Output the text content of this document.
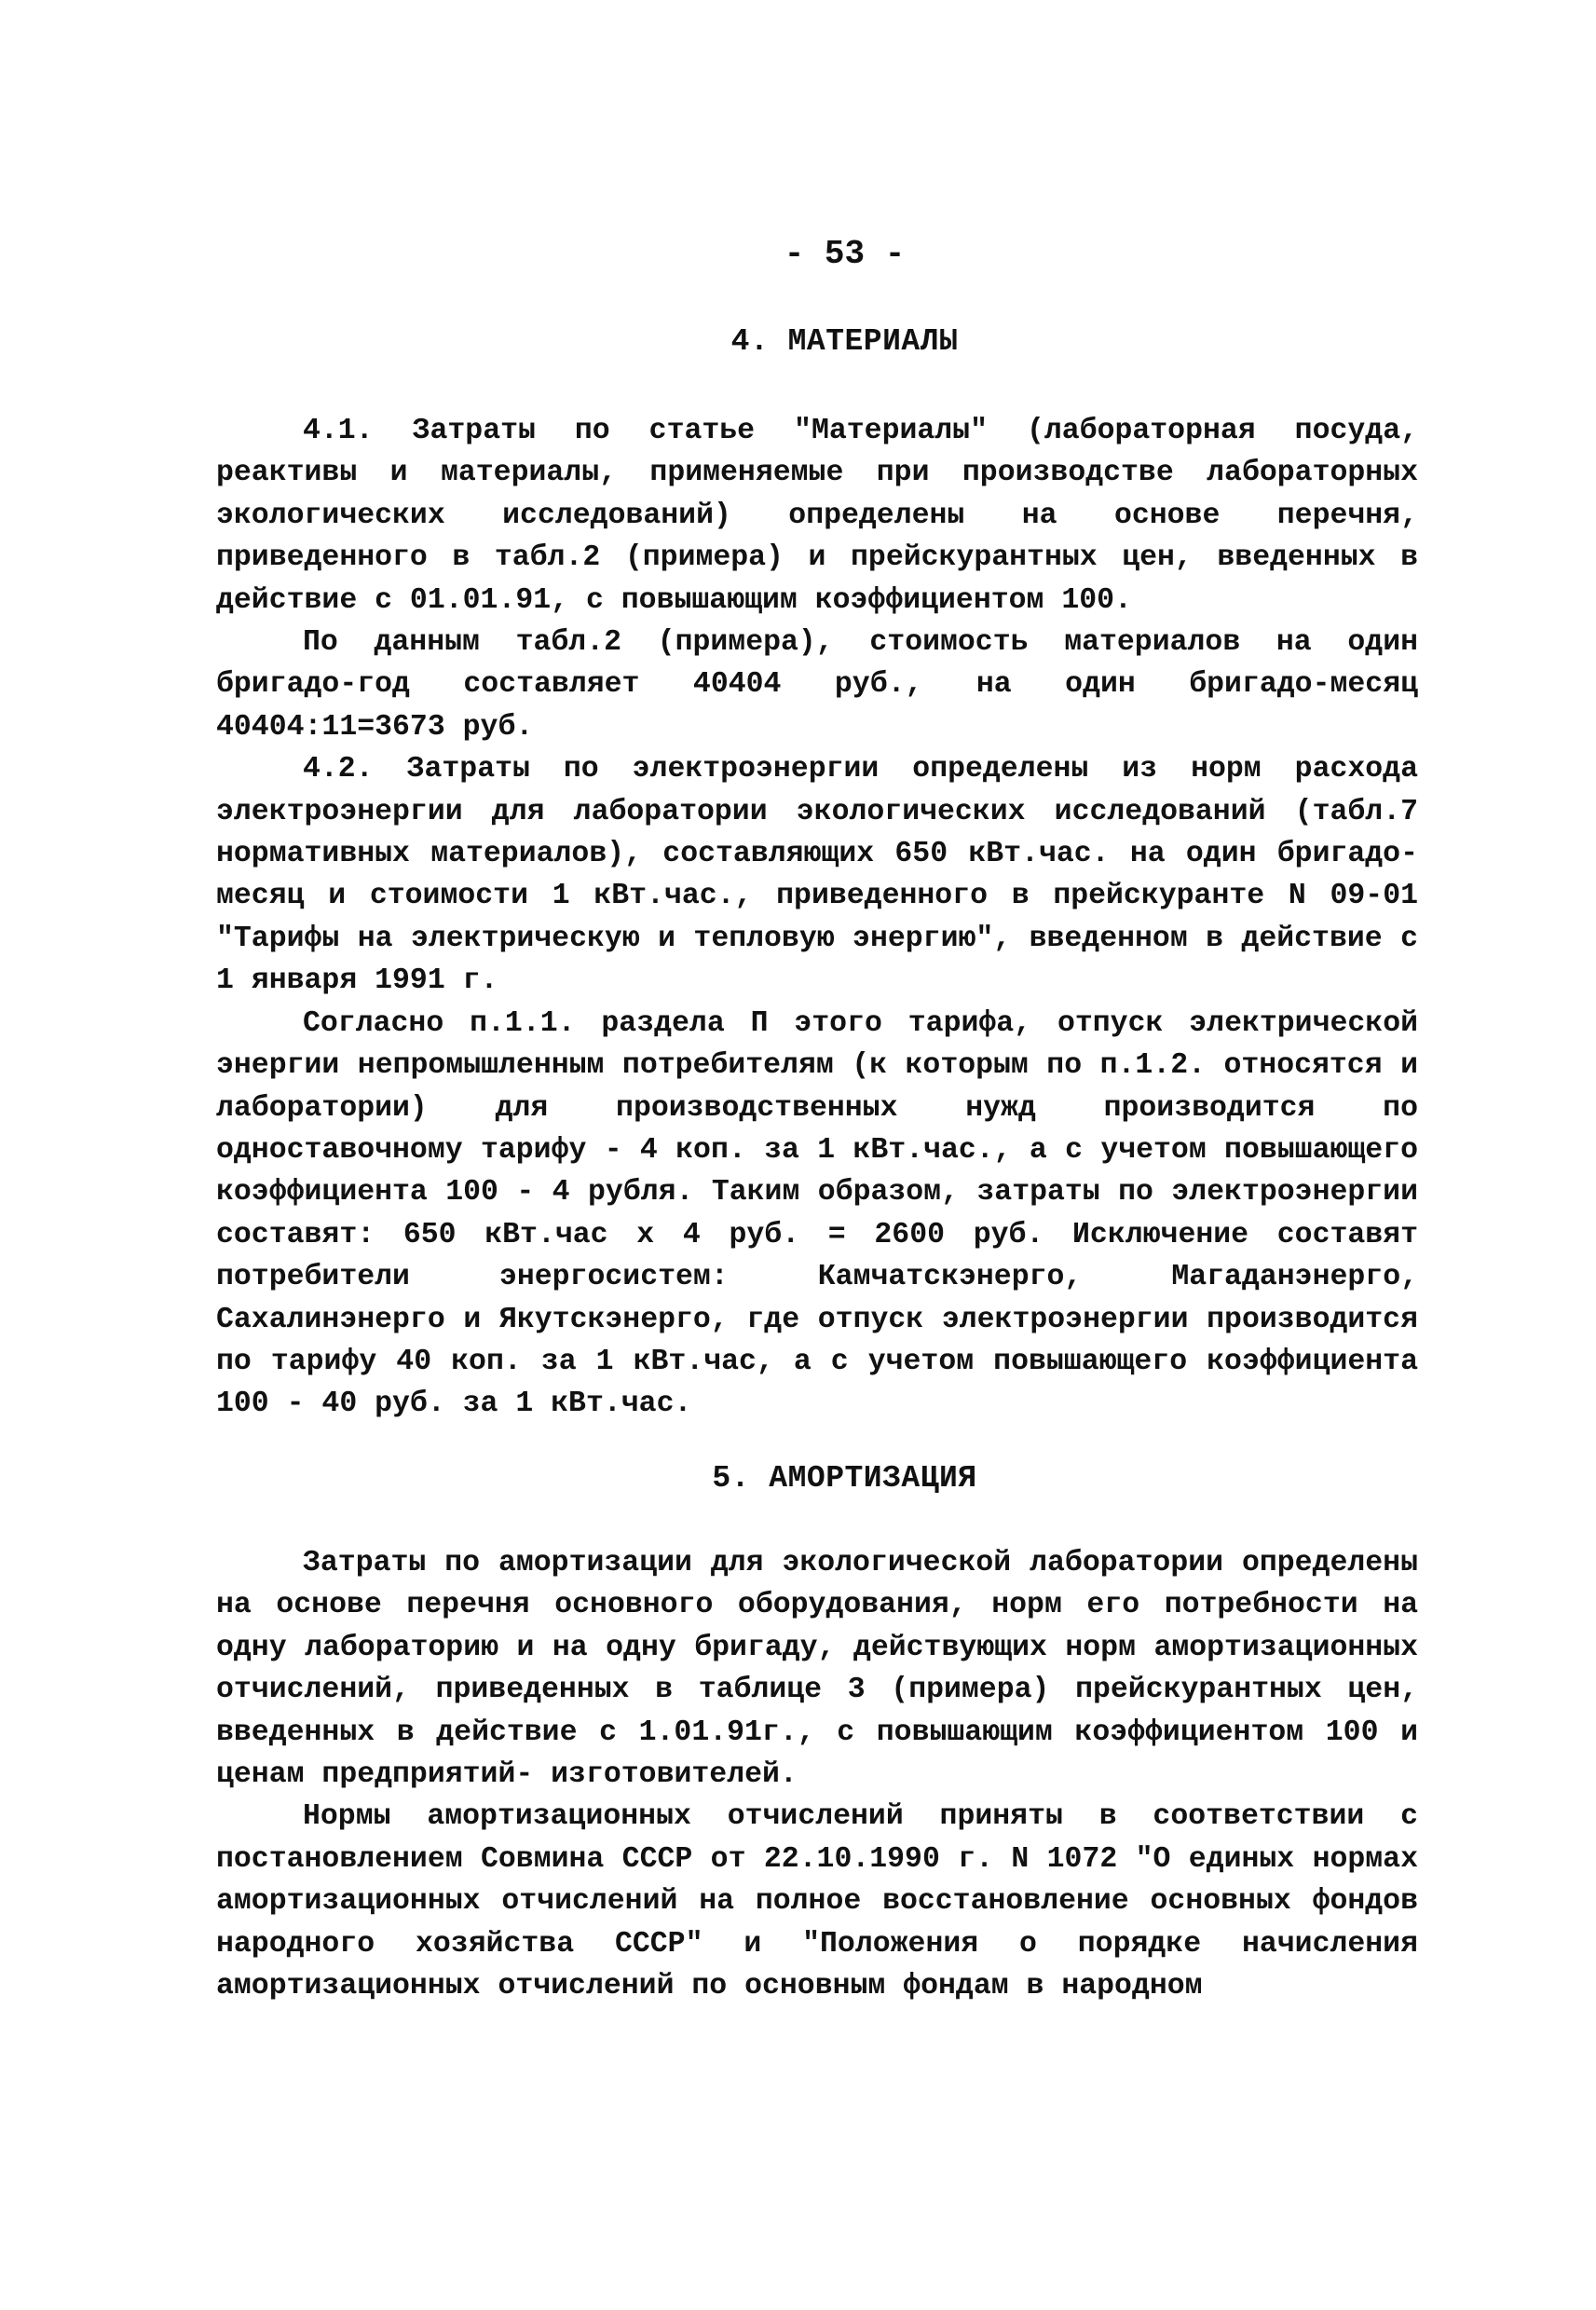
- 53 -
4. МАТЕРИАЛЫ

4.1. Затраты по статье "Материалы" (лабораторная посуда, реактивы и материалы, применяемые при производстве лабораторных экологических исследований) определены на основе перечня, приведенного в табл.2 (примера) и прейскурантных цен, введенных в действие с 01.01.91, с повышающим коэффициентом 100.

По данным табл.2 (примера), стоимость материалов на один бригадо-год составляет 40404 руб., на один бригадо-месяц 40404:11=3673 руб.

4.2. Затраты по электроэнергии определены из норм расхода электроэнергии для лаборатории экологических исследований (табл.7 нормативных материалов), составляющих 650 кВт.час. на один бригадо-месяц и стоимости 1 кВт.час., приведенного в прейскуранте N 09-01 "Тарифы на электрическую и тепловую энергию", введенном в действие с 1 января 1991 г.

Согласно п.1.1. раздела П этого тарифа, отпуск электрической энергии непромышленным потребителям (к которым по п.1.2. относятся и лаборатории) для производственных нужд производится по одноставочному тарифу - 4 коп. за 1 кВт.час., а с учетом повышающего коэффициента 100 - 4 рубля. Таким образом, затраты по электроэнергии составят: 650 кВт.час х 4 руб. = 2600 руб. Исключение составят потребители энергосистем: Камчатскэнерго, Магаданэнерго, Сахалинэнерго и Якутскэнерго, где отпуск электроэнергии производится по тарифу 40 коп. за 1 кВт.час, а с учетом повышающего коэффициента 100 - 40 руб. за 1 кВт.час.

5. АМОРТИЗАЦИЯ

Затраты по амортизации для экологической лаборатории определены на основе перечня основного оборудования, норм его потребности на одну лабораторию и на одну бригаду, действующих норм амортизационных отчислений, приведенных в таблице 3 (примера) прейскурантных цен, введенных в действие с 1.01.91г., с повышающим коэффициентом 100 и ценам предприятий- изготовителей.

Нормы амортизационных отчислений приняты в соответствии с постановлением Совмина СССР от 22.10.1990 г. N 1072 "О единых нормах амортизационных отчислений на полное восстановление основных фондов народного хозяйства СССР" и "Положения о порядке начисления амортизационных отчислений по основным фондам в народном
